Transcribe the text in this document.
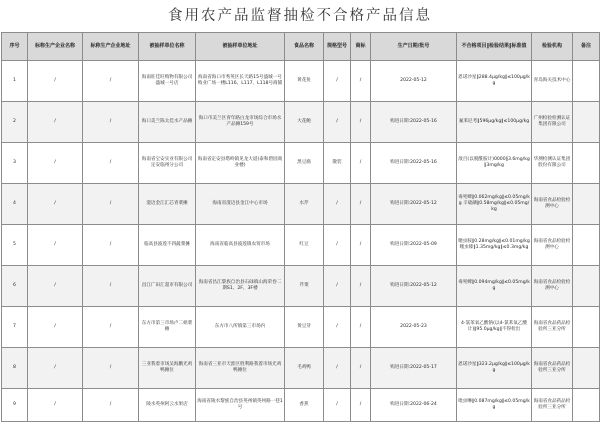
食用农产品监督抽检不合格产品信息
序号	标称生产企业名称	标称生产企业地址	被抽样单位名称	被抽样单位地址	食品名称	规格型号	商标	生产日期/批号	不合格项目‖检验结果‖标准值	检验机构	备注
1	/	/	海南旺佳旺购物有限公司盛城一号店	海南省海口市秀英区长天路15号盛城一号购业广场一楼L116、L117、L118号商铺	黄花鱼	/	/	2022-05-12	恩诺沙星‖288.4μg/kg‖≤100μg/kg	青岛海关技术中心	
2	/	/	海口美兰陈太佳水产品摊	海口市美兰区青年路白龙市场综合市场水产品摊159号	大花鲍	/	/	购进日期:2022-05-16	氟苯尼考‖596μg/kg‖≤100μg/kg	广州检验检测认证集团有限公司	
3	/	/	海南省宝安实业有限公司定安临州分公司	海南省定安县塔岭镇见龙大道(泰和碧园商业楼)	黑豆腐	散装	/	购进日期:2022-05-16	敌百(以脱酰胺计)0000‖3.6mg/kg‖3mg/kg	华测检测认证集团股份有限公司	
4	/	/	澄迈金江汇芯青菜摊	海南省澄迈县金江中心市场	水芹	/	/	购进日期:2022-05-12	毒死蜱‖0.062mg/kg‖≤0.05mg/kg 辛硫磷‖0.58mg/kg‖≤0.05mg/kg	海南省食品检验检测中心	
5	/	/	临高县波莲不四蔬菜摊	海南省临高县波莲镇农贸市场	红豆	/	/	购进日期:2022-05-09	噻虫胺‖0.28mg/kg‖≤0.01mg/kg 噻虫嗪‖1.35mg/kg‖≤0.3mg/kg	海南省食品检验检测中心	
6	/	/	昌江广田汇超市有限公司	海南省昌江黎族自治县石碌镇山海荣卷二期S1、2F、3F楼	芹菜	/	/	购进日期:2022-05-12	毒死蜱‖0.094mg/kg‖≤0.05mg/kg	海南省食品检验检测中心	
7	/	/	东方市第三市场卢二姐菜摊	东方市八所镇第三市场内	黄豆芽	/	/	2022-05-23	4-氯苯氧乙酸钠(以4-氯苯氧乙酸计)‖95.0μg/kg‖不得检出	海南省食品药品检验所三亚分所	
8	/	/	三亚我着市场吴海鹏光鸡鸭摊位	海南省三亚市天涯区胜利路我着市场光鸡鸭摊位	毛鸡鸭	/	/	购进日期:2022-05-17	恩诺沙星‖323.2μg/kg‖≤100μg/kg	海南省食品药品检验所三亚分所	
9	/	/	陵水英州阿云水果店	海南省陵水黎族自治县英州镇英州路一巷1号	香蕉	/	/	购进日期:2022-06-24	吡虫啉‖0.087mg/kg‖≤0.05mg/kg	海南省食品药品检验所三亚分所	
